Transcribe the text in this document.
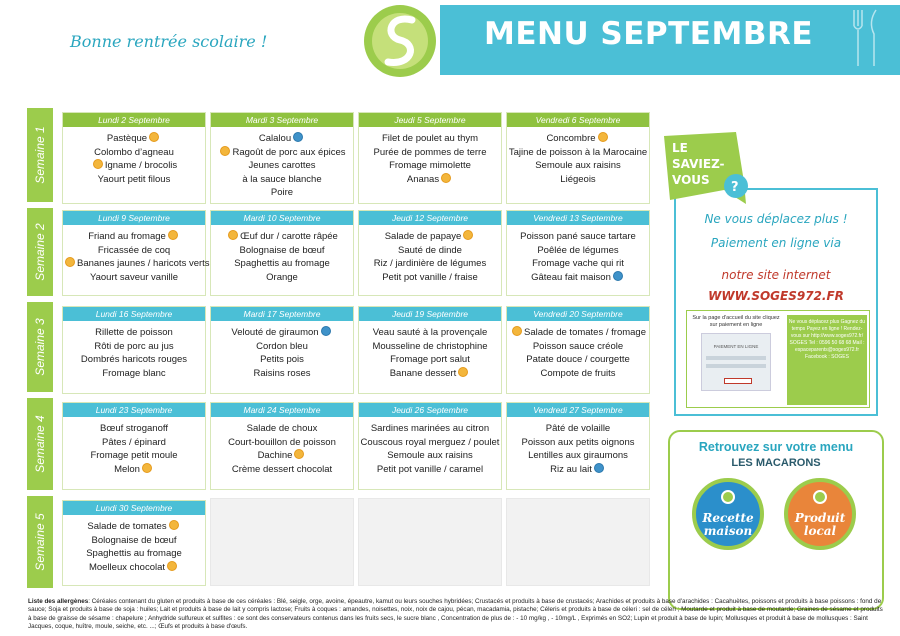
Bonne rentrée scolaire !	MENU SEPTEMBRE
Semaine 1
Semaine 2
Semaine 3
Semaine 4
Semaine 5
Lundi 2 Septembre
Pastèque
Colombo d’agneau
Igname / brocolis
Yaourt petit filous
Mardi 3 Septembre
Calalou
Ragoût de porc aux épices
Jeunes carottes
à la sauce blanche
Poire
Jeudi 5 Septembre
Filet de poulet au thym
Purée de pommes de terre
Fromage mimolette
Ananas
Vendredi 6 Septembre
Concombre
Tajine de poisson à la Marocaine
Semoule aux raisins
Liégeois
Lundi 9 Septembre
Friand au fromage
Fricassée de coq
Bananes jaunes / haricots verts
Yaourt saveur vanille
Mardi 10 Septembre
Œuf dur / carotte râpée
Bolognaise de bœuf
Spaghettis au fromage
Orange
Jeudi 12 Septembre
Salade de papaye
Sauté de dinde
Riz / jardinière de légumes
Petit pot vanille / fraise
Vendredi 13 Septembre
Poisson pané sauce tartare
Poêlée de légumes
Fromage vache qui rit
Gâteau fait maison
Lundi 16 Septembre
Rillette de poisson
Rôti de porc au jus
Dombrés haricots rouges
Fromage blanc
Mardi 17 Septembre
Velouté de giraumon
Cordon bleu
Petits pois
Raisins roses
Jeudi 19 Septembre
Veau sauté à la provençale
Mousseline de christophine
Fromage port salut
Banane dessert
Vendredi 20 Septembre
Salade de tomates / fromage
Poisson sauce créole
Patate douce / courgette
Compote de fruits
Lundi 23 Septembre
Bœuf stroganoff
Pâtes / épinard
Fromage petit moule
Melon
Mardi 24 Septembre
Salade de choux
Court-bouillon de poisson
Dachine
Crème dessert chocolat
Jeudi 26 Septembre
Sardines marinées au citron
Couscous royal merguez / poulet
Semoule aux raisins
Petit pot vanille / caramel
Vendredi 27 Septembre
Pâté de volaille
Poisson aux petits oignons
Lentilles aux giraumons
Riz au lait
Lundi 30 Septembre
Salade de tomates
Bolognaise de bœuf
Spaghettis au fromage
Moelleux chocolat
LE
SAVIEZ-
VOUS ?
Ne vous déplacez plus !
Paiement en ligne via
notre site internet
WWW.SOGES972.FR
Sur la page d'accueil du site cliquez sur paiement en ligne
PAIEMENT EN LIGNE
Ne vous déplacez plus Gagnez du temps Payez en ligne ! Rendez-vous sur http://www.soges972.fr/ SOGES Tel : 0596 50 68 68 Mail : espaceparents@soges972.fr Facebook : SOGES
Retrouvez sur votre menu
LES MACARONS
Recette maison
Produit local
Liste des allergènes: Céréales contenant du gluten et produits à base de ces céréales : Blé, seigle, orge, avoine, épeautre, kamut ou leurs souches hybridées; Crustacés et produits à base de crustacés; Arachides et produits à base d'arachides : Cacahuètes, poissons et produits à base poissons : fond de sauce; Soja et produits à base de soja : huiles; Lait et produits à base de lait y compris lactose; Fruits à coques : amandes, noisettes, noix, noix de cajou, pécan, macadamia, pistache; Céleris et produits à base de céleri : sel de céleri ; Moutarde et produit à base de moutarde; Graines de sésame et produits à base de graisse de sésame : chapelure ; Anhydride sulfureux et sulfites : ce sont des conservateurs contenus dans les fruits secs, le sucre blanc , Concentration de plus de : - 10 mg/kg , - 10mg/L , Exprimés en SO2; Lupin et produit à base de lupin; Mollusques et produit à base de mollusques : Saint Jacques, coque, huître, moule, seiche, etc. ...; Œufs et produits à base d'œufs.
